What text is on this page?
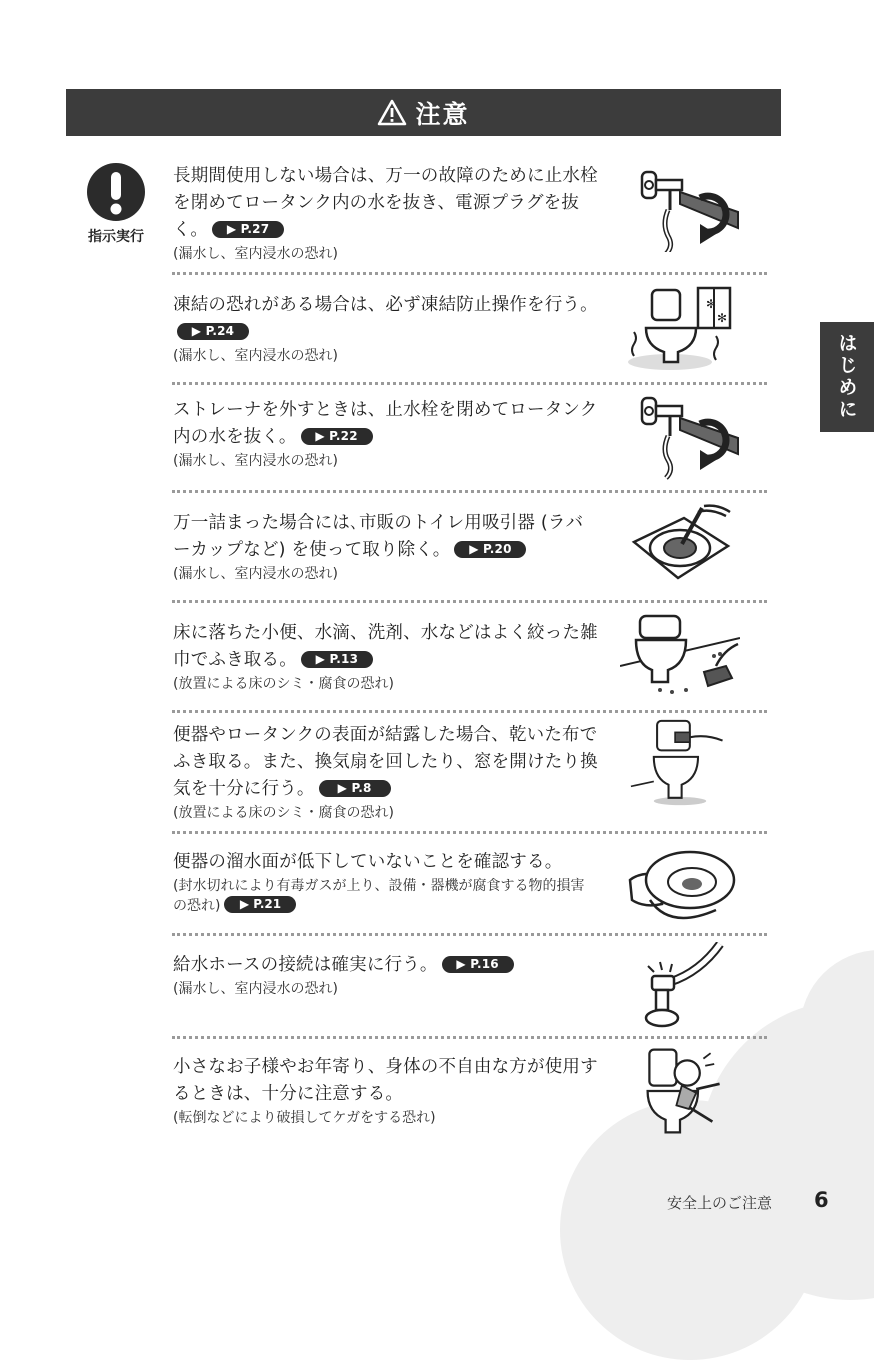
注意
指示実行
長期間使用しない場合は、万一の故障のために止水栓を閉めてロータンク内の水を抜き、電源プラグを抜く。 ▶ P.27
(漏水し、室内浸水の恐れ)
凍結の恐れがある場合は、必ず凍結防止操作を行う。▶ P.24
(漏水し、室内浸水の恐れ)
✻
✻
ストレーナを外すときは、止水栓を閉めてロータンク内の水を抜く。 ▶ P.22
(漏水し、室内浸水の恐れ)
万一詰まった場合には､市販のトイレ用吸引器 (ラバーカップなど) を使って取り除く。 ▶ P.20
(漏水し、室内浸水の恐れ)
床に落ちた小便、水滴、洗剤、水などはよく絞った雑巾でふき取る。 ▶ P.13
(放置による床のシミ・腐食の恐れ)
便器やロータンクの表面が結露した場合、乾いた布でふき取る。また、換気扇を回したり、窓を開けたり換気を十分に行う。 ▶ P.8
(放置による床のシミ・腐食の恐れ)
便器の溜水面が低下していないことを確認する。
(封水切れにより有毒ガスが上り、設備・器機が腐食する物的損害の恐れ) ▶ P.21
給水ホースの接続は確実に行う。 ▶ P.16
(漏水し、室内浸水の恐れ)
小さなお子様やお年寄り、身体の不自由な方が使用するときは、十分に注意する。
(転倒などにより破損してケガをする恐れ)
はじめに
安全上のご注意 6
